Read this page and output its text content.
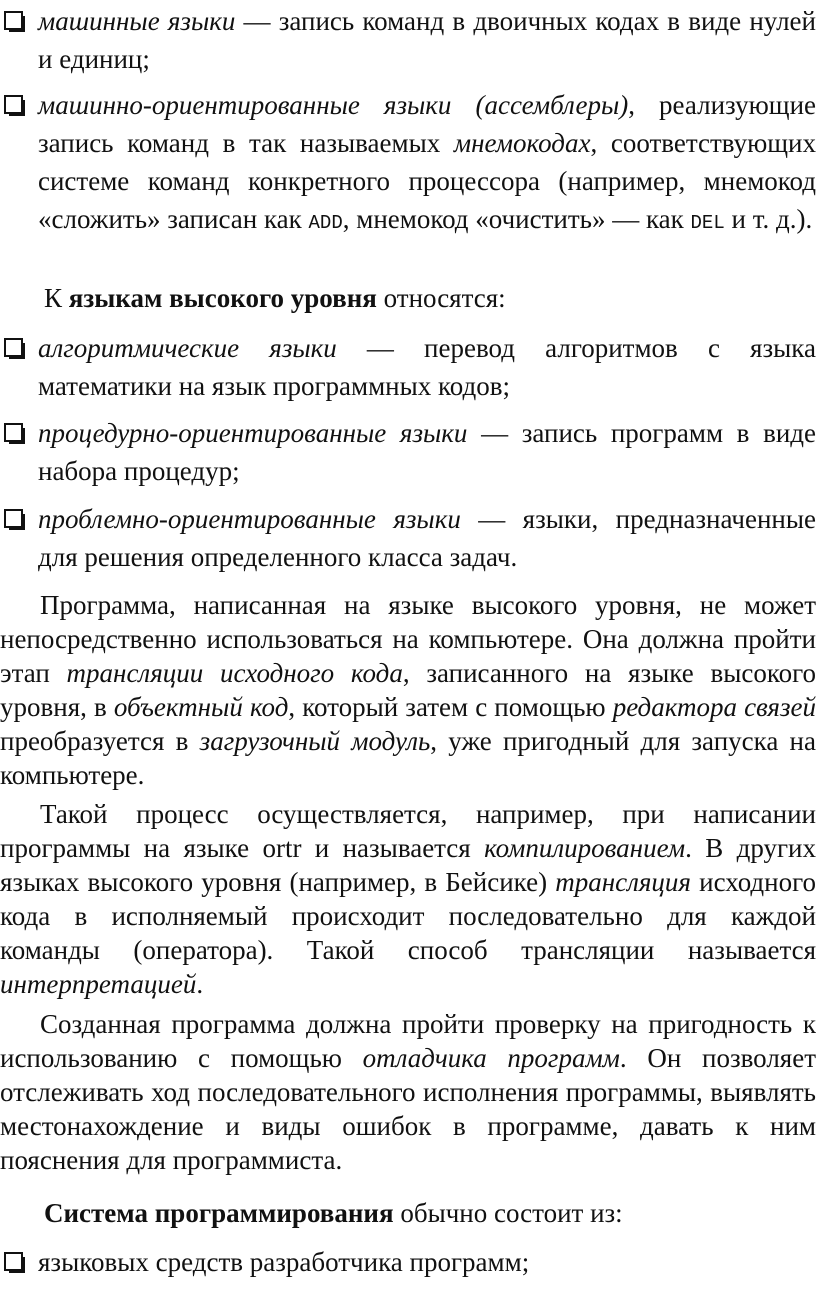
машинные языки — запись команд в двоичных кодах в виде нулей и единиц;
машинно-ориентированные языки (ассемблеры), реализующие запись команд в так называемых мнемокодах, соответствующих системе команд конкретного процессора (например, мнемокод «сложить» записан как ADD, мнемокод «очистить» — как DEL и т. д.).
К языкам высокого уровня относятся:
алгоритмические языки — перевод алгоритмов с языка математики на язык программных кодов;
процедурно-ориентированные языки — запись программ в виде набора процедур;
проблемно-ориентированные языки — языки, предназначенные для решения определенного класса задач.
Программа, написанная на языке высокого уровня, не может непосредственно использоваться на компьютере. Она должна пройти этап трансляции исходного кода, записанного на языке высокого уровня, в объектный код, который затем с помощью редактора связей преобразуется в загрузочный модуль, уже пригодный для запуска на компьютере.
Такой процесс осуществляется, например, при написании программы на языке ortr и называется компилированием. В других языках высокого уровня (например, в Бейсике) трансляция исходного кода в исполняемый происходит последовательно для каждой команды (оператора). Такой способ трансляции называется интерпретацией.
Созданная программа должна пройти проверку на пригодность к использованию с помощью отладчика программ. Он позволяет отслеживать ход последовательного исполнения программы, выявлять местонахождение и виды ошибок в программе, давать к ним пояснения для программиста.
Система программирования обычно состоит из:
языковых средств разработчика программ;
